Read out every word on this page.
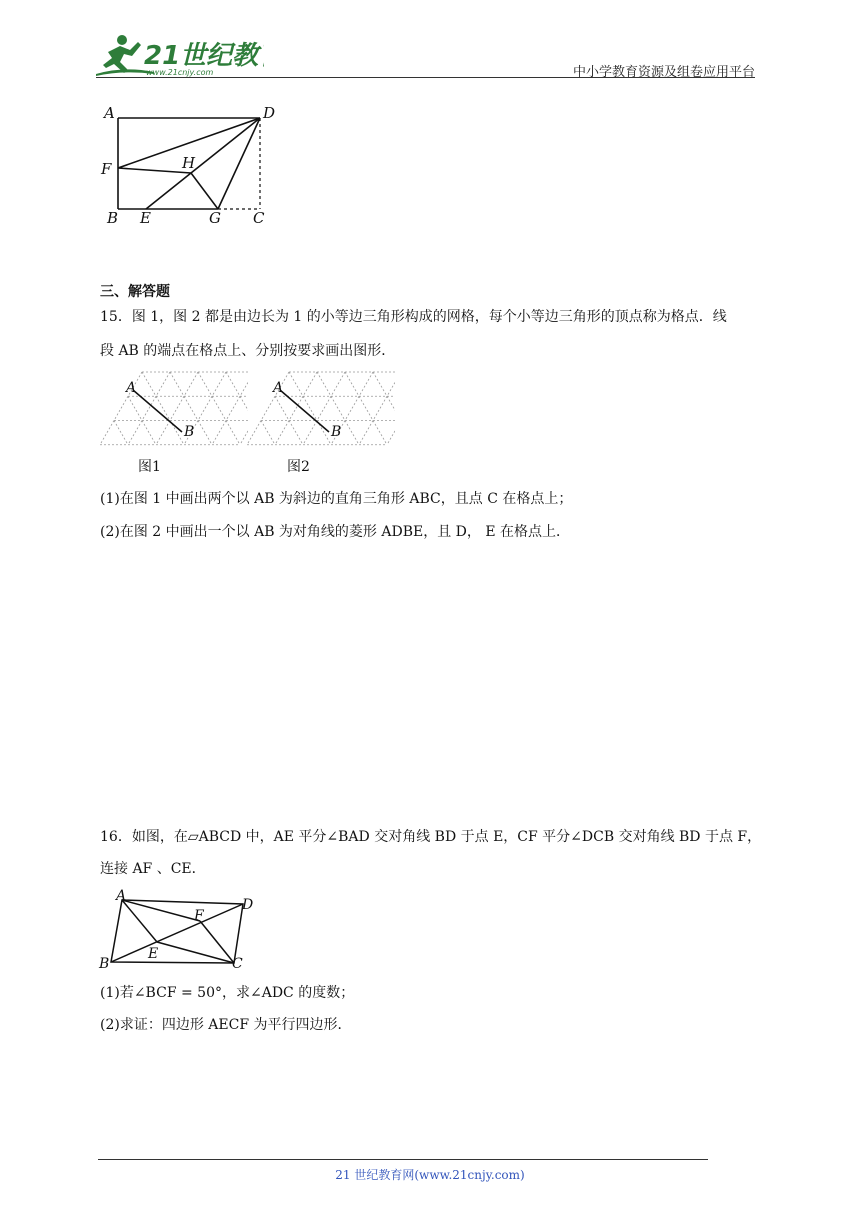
21世纪教
www.21cnjy.com	中小学教育资源及组卷应用平台
A	D
F	H
B E	G C
三、解答题
15．图 1，图 2 都是由边长为 1 的小等边三角形构成的网格，每个小等边三角形的顶点称为格点．线
段 AB 的端点在格点上、分别按要求画出图形．
A
B
图1
A
B
图2
(1)在图 1 中画出两个以 AB 为斜边的直角三角形 ABC，且点 C 在格点上；
(2)在图 2 中画出一个以 AB 为对角线的菱形 ADBE，且 D， E 在格点上．
16．如图，在▱ABCD 中，AE 平分∠BAD 交对角线 BD 于点 E，CF 平分∠DCB 交对角线 BD 于点 F，
连接 AF 、CE．
A
D
F
E
B	C
(1)若∠BCF = 50°，求∠ADC 的度数；
(2)求证：四边形 AECF 为平行四边形．
21 世纪教育网(www.21cnjy.com)
